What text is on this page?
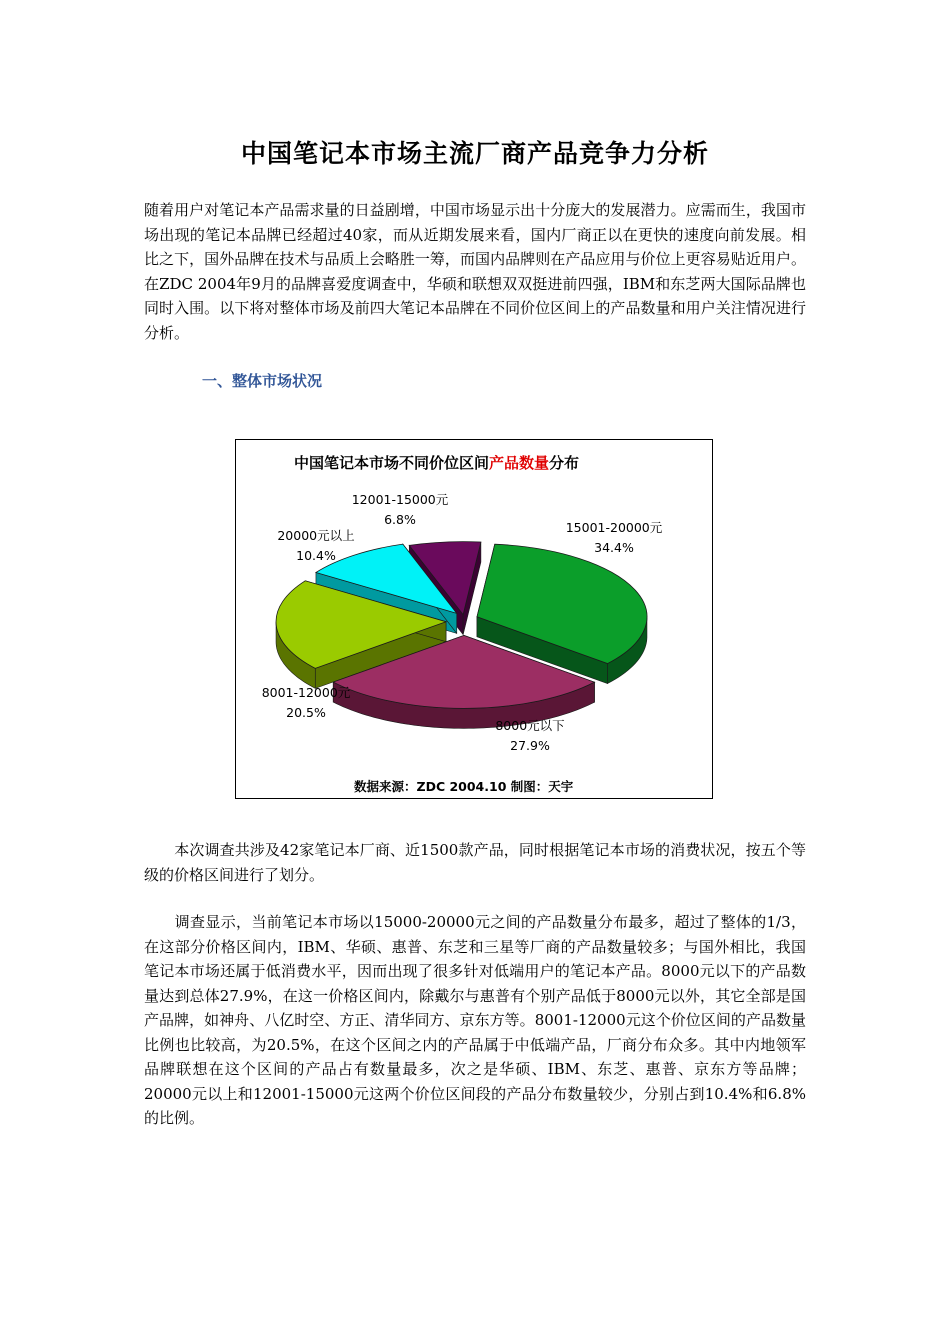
中国笔记本市场主流厂商产品竞争力分析

随着用户对笔记本产品需求量的日益剧增，中国市场显示出十分庞大的发展潜力。应需而生，我国市场出现的笔记本品牌已经超过40家，而从近期发展来看，国内厂商正以在更快的速度向前发展。相比之下，国外品牌在技术与品质上会略胜一筹，而国内品牌则在产品应用与价位上更容易贴近用户。在ZDC 2004年9月的品牌喜爱度调查中，华硕和联想双双挺进前四强，IBM和东芝两大国际品牌也同时入围。以下将对整体市场及前四大笔记本品牌在不同价位区间上的产品数量和用户关注情况进行分析。

一、整体市场状况
中国笔记本市场不同价位区间产品数量分布
15001-20000元
34.4%
8000元以下
27.9%
8001-12000元
20.5%
20000元以上
10.4%
12001-15000元
6.8%
数据来源：ZDC 2004.10 制图：天宇

　　本次调查共涉及42家笔记本厂商、近1500款产品，同时根据笔记本市场的消费状况，按五个等级的价格区间进行了划分。

　　调查显示，当前笔记本市场以15000-20000元之间的产品数量分布最多，超过了整体的1/3，在这部分价格区间内，IBM、华硕、惠普、东芝和三星等厂商的产品数量较多；与国外相比，我国笔记本市场还属于低消费水平，因而出现了很多针对低端用户的笔记本产品。8000元以下的产品数量达到总体27.9%，在这一价格区间内，除戴尔与惠普有个别产品低于8000元以外，其它全部是国产品牌，如神舟、八亿时空、方正、清华同方、京东方等。8001-12000元这个价位区间的产品数量比例也比较高，为20.5%，在这个区间之内的产品属于中低端产品，厂商分布众多。其中内地领军品牌联想在这个区间的产品占有数量最多，次之是华硕、IBM、东芝、惠普、京东方等品牌；20000元以上和12001-15000元这两个价位区间段的产品分布数量较少，分别占到10.4%和6.8%的比例。
